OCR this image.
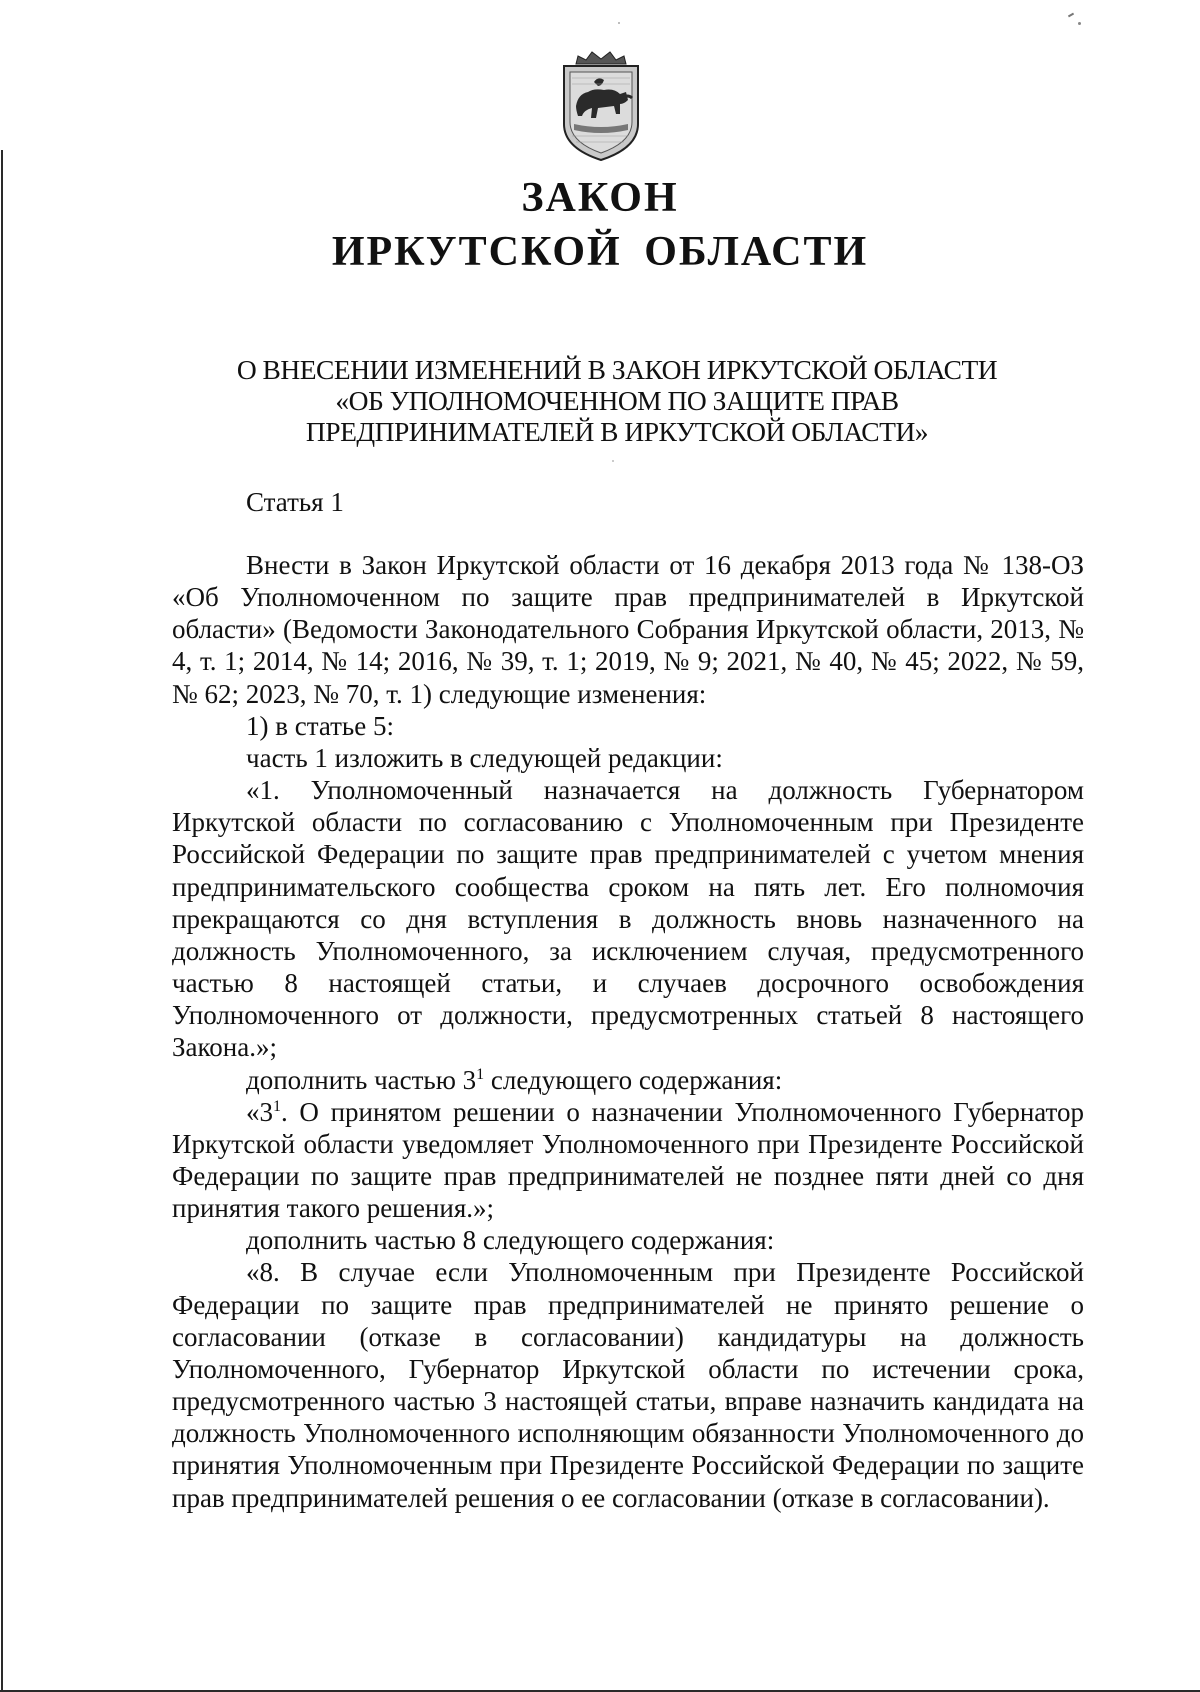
ЗАКОН
ИРКУТСКОЙ ОБЛАСТИ
О ВНЕСЕНИИ ИЗМЕНЕНИЙ В ЗАКОН ИРКУТСКОЙ ОБЛАСТИ
«ОБ УПОЛНОМОЧЕННОМ ПО ЗАЩИТЕ ПРАВ
ПРЕДПРИНИМАТЕЛЕЙ В ИРКУТСКОЙ ОБЛАСТИ»
Статья 1

Внести в Закон Иркутской области от 16 декабря 2013 года № 138-ОЗ «Об Уполномоченном по защите прав предпринимателей в Иркутской области» (Ведомости Законодательного Собрания Иркутской области, 2013, № 4, т. 1; 2014, № 14; 2016, № 39, т. 1; 2019, № 9; 2021, № 40, № 45; 2022, № 59, № 62; 2023, № 70, т. 1) следующие изменения:

1) в статье 5:

часть 1 изложить в следующей редакции:

«1. Уполномоченный назначается на должность Губернатором Иркутской области по согласованию с Уполномоченным при Президенте Российской Федерации по защите прав предпринимателей с учетом мнения предпринимательского сообщества сроком на пять лет. Его полномочия прекращаются со дня вступления в должность вновь назначенного на должность Уполномоченного, за исключением случая, предусмотренного частью 8 настоящей статьи, и случаев досрочного освобождения Уполномоченного от должности, предусмотренных статьей 8 настоящего Закона.»;

дополнить частью $3^1$ следующего содержания:

«$3^1$. О принятом решении о назначении Уполномоченного Губернатор Иркутской области уведомляет Уполномоченного при Президенте Российской Федерации по защите прав предпринимателей не позднее пяти дней со дня принятия такого решения.»;

дополнить частью 8 следующего содержания:

«8. В случае если Уполномоченным при Президенте Российской Федерации по защите прав предпринимателей не принято решение о согласовании (отказе в согласовании) кандидатуры на должность Уполномоченного, Губернатор Иркутской области по истечении срока, предусмотренного частью 3 настоящей статьи, вправе назначить кандидата на должность Уполномоченного исполняющим обязанности Уполномоченного до принятия Уполномоченным при Президенте Российской Федерации по защите прав предпринимателей решения о ее согласовании (отказе в согласовании).
